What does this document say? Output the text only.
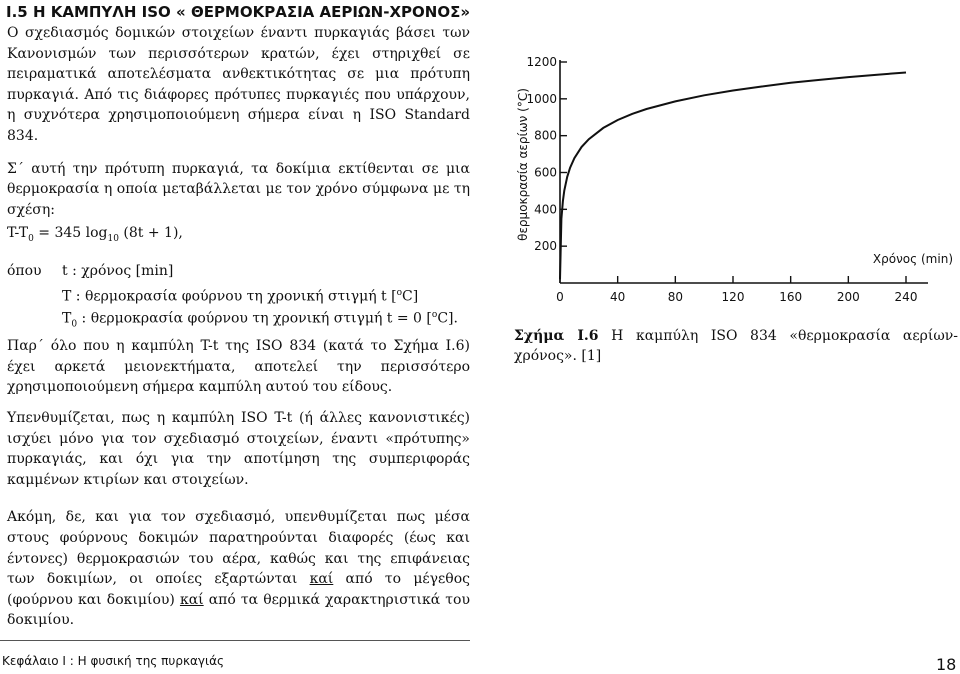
I.5 Η ΚΑΜΠΥΛΗ ISO « ΘΕΡΜΟΚΡΑΣΙΑ ΑΕΡΙΩΝ-ΧΡΟΝΟΣ»

Ο σχεδιασμός δομικών στοιχείων έναντι πυρκαγιάς βάσει των Κανονισμών των περισσότερων κρατών, έχει στηριχθεί σε πειραματικά αποτελέσματα ανθεκτικότητας σε μια πρότυπη πυρκαγιά. Από τις διάφορες πρότυπες πυρκαγιές που υπάρχουν, η συχνότερα χρησιμοποιούμενη σήμερα είναι η ISO Standard 834.

Σ΄ αυτή την πρότυπη πυρκαγιά, τα δοκίμια εκτίθενται σε μια θερμοκρασία η οποία μεταβάλλεται με τον χρόνο σύμφωνα με τη σχέση:

$T-T_0 = 345$ $\log_{10} (8t + 1)$,
όπου t : χρόνος [min]
T : θερμοκρασία φούρνου τη χρονική στιγμή t [$^o$C]
$T_0$ : θερμοκρασία φούρνου τη χρονική στιγμή t = 0 [$^o$C].

Παρ΄ όλο που η καμπύλη T-t της ISO 834 (κατά το Σχήμα I.6) έχει αρκετά μειονεκτήματα, αποτελεί την περισσότερο χρησιμοποιούμενη σήμερα καμπύλη αυτού του είδους.

Υπενθυμίζεται, πως η καμπύλη ISO T-t (ή άλλες κανονιστικές) ισχύει μόνο για τον σχεδιασμό στοιχείων, έναντι «πρότυπης» πυρκαγιάς, και όχι για την αποτίμηση της συμπεριφοράς καμμένων κτιρίων και στοιχείων.

Ακόμη, δε, και για τον σχεδιασμό, υπενθυμίζεται πως μέσα στους φούρνους δοκιμών παρατηρούνται διαφορές (έως και έντονες) θερμοκρασιών του αέρα, καθώς και της επιφάνειας των δοκιμίων, οι οποίες εξαρτώνται καί από το μέγεθος (φούρνου και δοκιμίου) καί από τα θερμικά χαρακτηριστικά του δοκιμίου.

200
400
600
800
1000
1200
0	40	80	120	160	200	240
Χρόνος (min)
θερμοκρασία αερίων (°C)
Σχήμα I.6 Η καμπύλη ISO 834 «θερμοκρασία αερίων-χρόνος». [1]
Κεφάλαιο I : Η φυσική της πυρκαγιάς	18
